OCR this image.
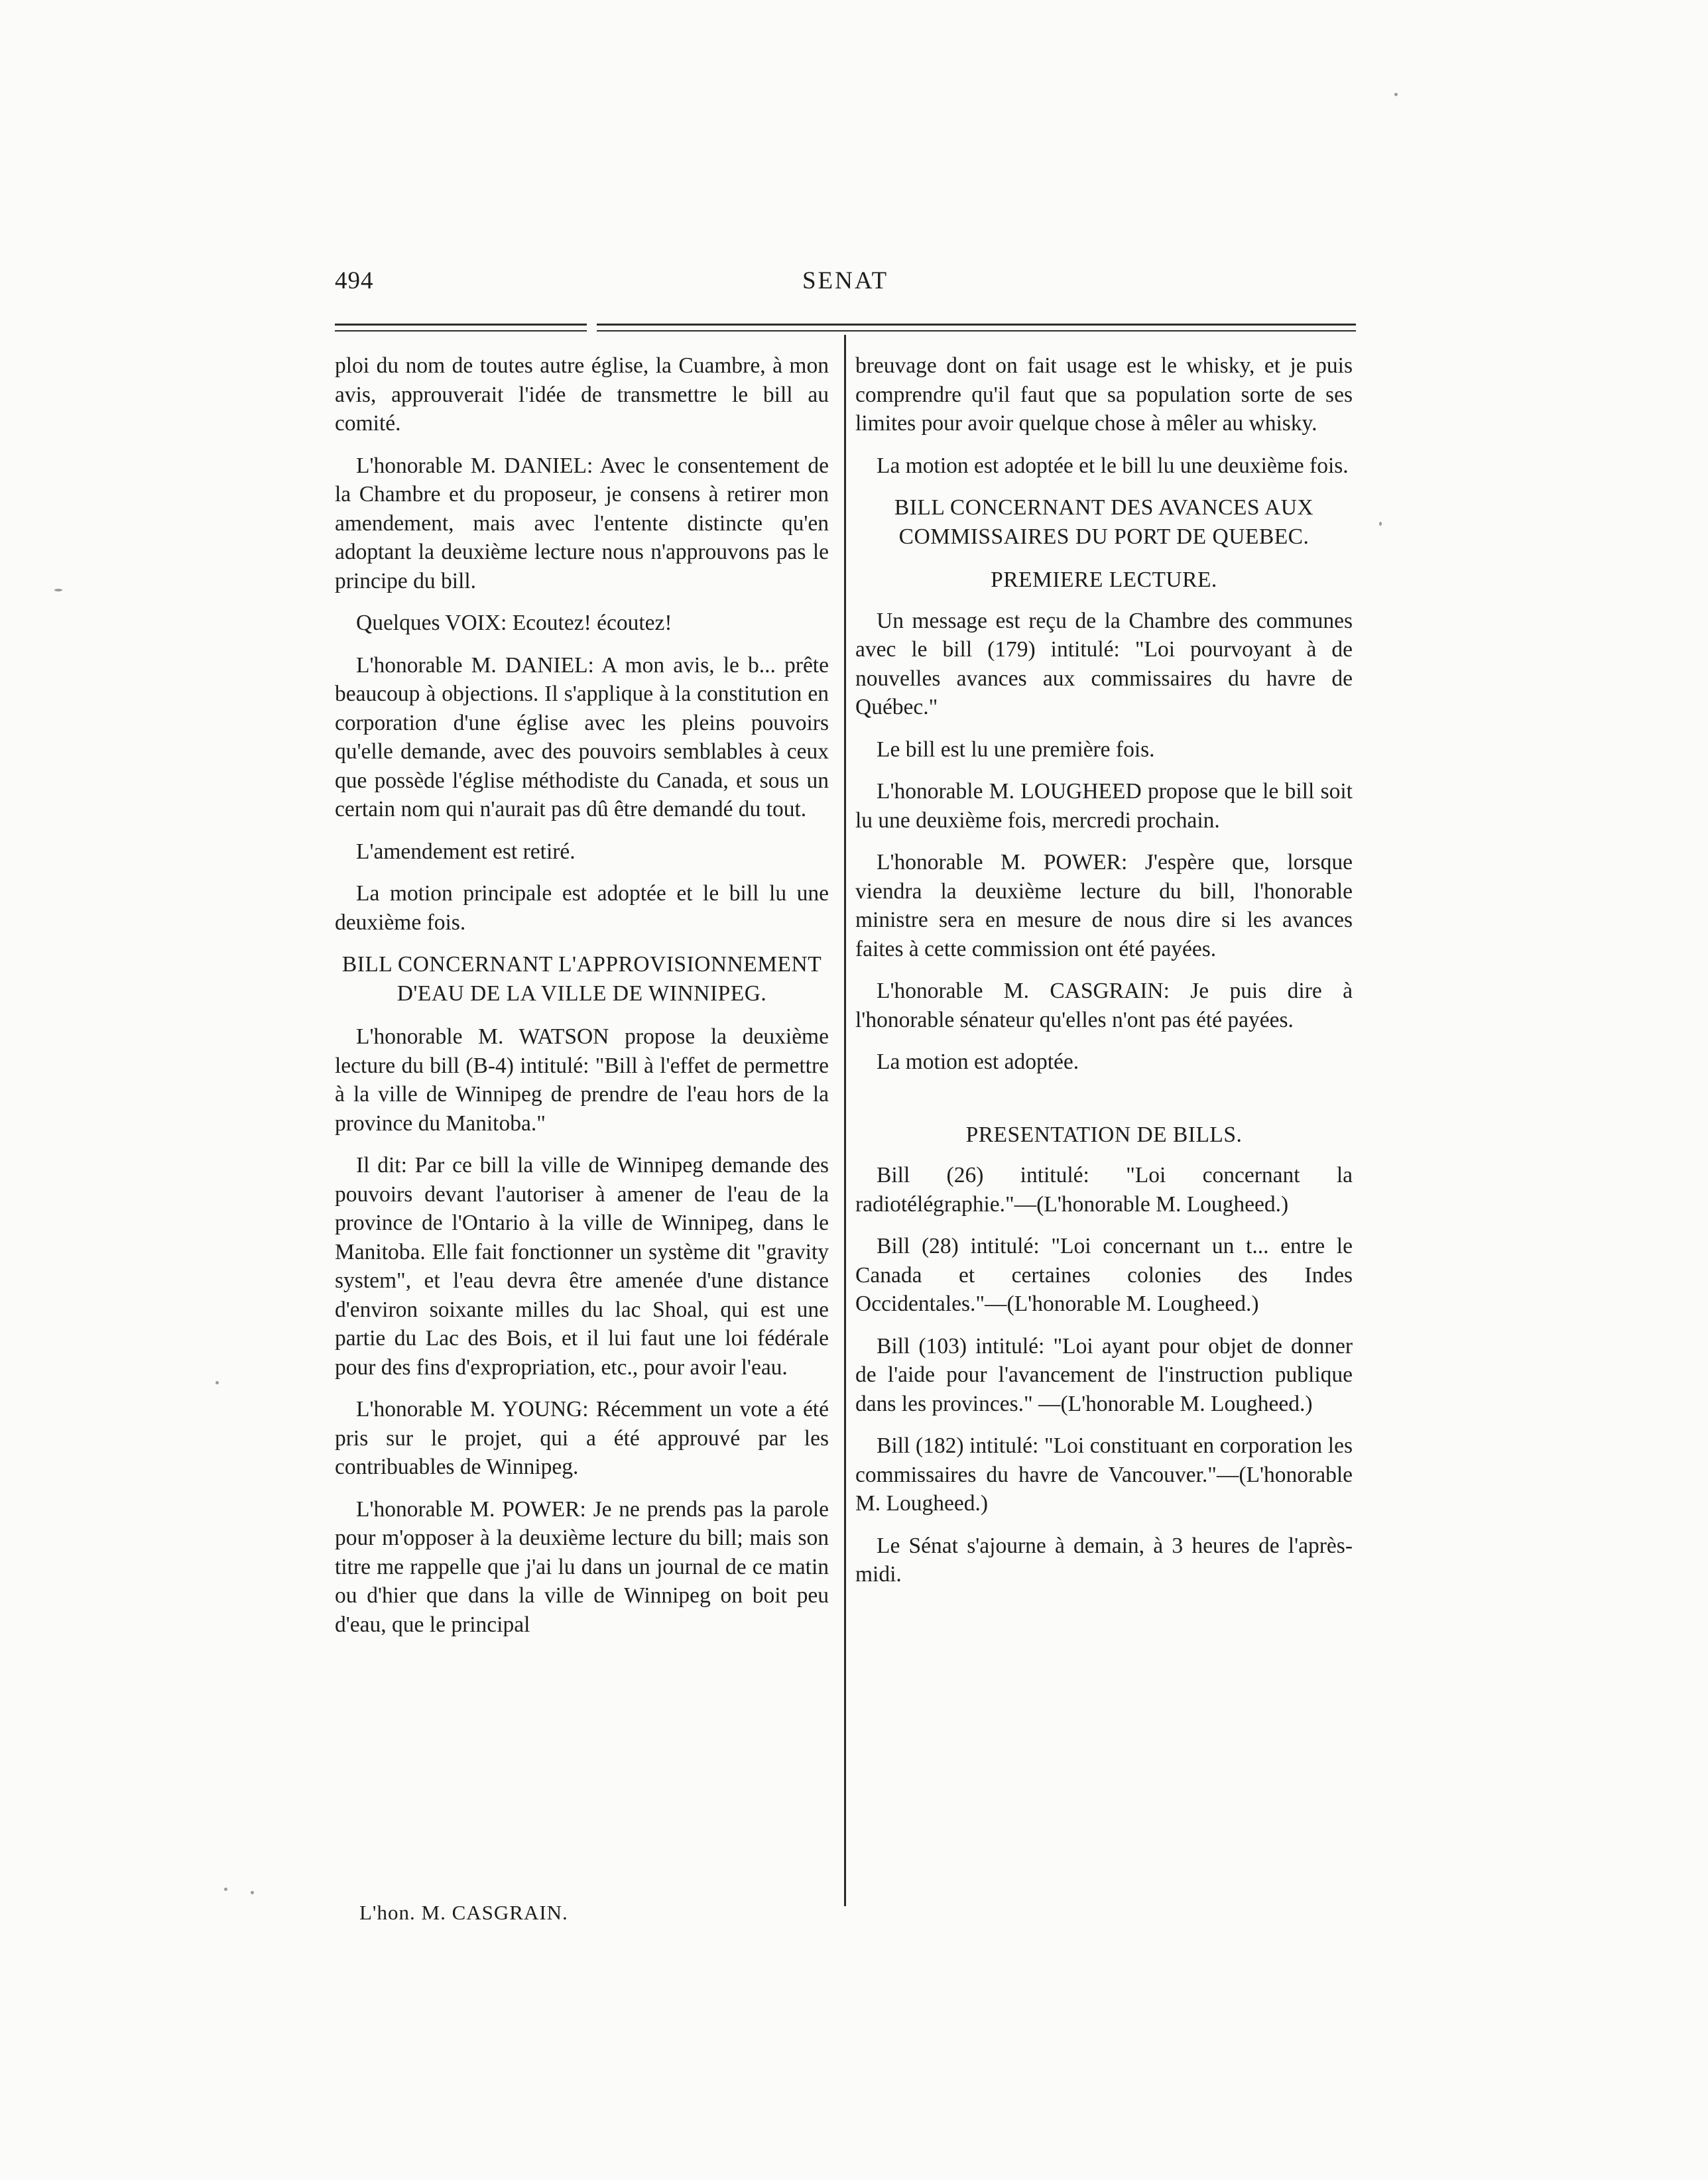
494	SENAT

ploi du nom de toutes autre église, la Cuambre, à mon avis, approuverait l'idée de transmettre le bill au comité.

L'honorable M. DANIEL: Avec le consentement de la Chambre et du proposeur, je consens à retirer mon amendement, mais avec l'entente distincte qu'en adoptant la deuxième lecture nous n'approuvons pas le principe du bill.

Quelques VOIX: Ecoutez! écoutez!

L'honorable M. DANIEL: A mon avis, le b... prête beaucoup à objections. Il s'applique à la constitution en corporation d'une église avec les pleins pouvoirs qu'elle demande, avec des pouvoirs semblables à ceux que possède l'église méthodiste du Canada, et sous un certain nom qui n'aurait pas dû être demandé du tout.

L'amendement est retiré.

La motion principale est adoptée et le bill lu une deuxième fois.

BILL CONCERNANT L'APPROVISIONNEMENT D'EAU DE LA VILLE DE WINNIPEG.

L'honorable M. WATSON propose la deuxième lecture du bill (B-4) intitulé: "Bill à l'effet de permettre à la ville de Winnipeg de prendre de l'eau hors de la province du Manitoba."

Il dit: Par ce bill la ville de Winnipeg demande des pouvoirs devant l'autoriser à amener de l'eau de la province de l'Ontario à la ville de Winnipeg, dans le Manitoba. Elle fait fonctionner un système dit "gravity system", et l'eau devra être amenée d'une distance d'environ soixante milles du lac Shoal, qui est une partie du Lac des Bois, et il lui faut une loi fédérale pour des fins d'expropriation, etc., pour avoir l'eau.

L'honorable M. YOUNG: Récemment un vote a été pris sur le projet, qui a été approuvé par les contribuables de Winnipeg.

L'honorable M. POWER: Je ne prends pas la parole pour m'opposer à la deuxième lecture du bill; mais son titre me rappelle que j'ai lu dans un journal de ce matin ou d'hier que dans la ville de Winnipeg on boit peu d'eau, que le principal

breuvage dont on fait usage est le whisky, et je puis comprendre qu'il faut que sa population sorte de ses limites pour avoir quelque chose à mêler au whisky.

La motion est adoptée et le bill lu une deuxième fois.

BILL CONCERNANT DES AVANCES AUX COMMISSAIRES DU PORT DE QUEBEC.
PREMIERE LECTURE.

Un message est reçu de la Chambre des communes avec le bill (179) intitulé: "Loi pourvoyant à de nouvelles avances aux commissaires du havre de Québec."

Le bill est lu une première fois.

L'honorable M. LOUGHEED propose que le bill soit lu une deuxième fois, mercredi prochain.

L'honorable M. POWER: J'espère que, lorsque viendra la deuxième lecture du bill, l'honorable ministre sera en mesure de nous dire si les avances faites à cette commission ont été payées.

L'honorable M. CASGRAIN: Je puis dire à l'honorable sénateur qu'elles n'ont pas été payées.

La motion est adoptée.

PRESENTATION DE BILLS.

Bill (26) intitulé: "Loi concernant la radiotélégraphie."—(L'honorable M. Lougheed.)

Bill (28) intitulé: "Loi concernant un t... entre le Canada et certaines colonies des Indes Occidentales."—(L'honorable M. Lougheed.)

Bill (103) intitulé: "Loi ayant pour objet de donner de l'aide pour l'avancement de l'instruction publique dans les provinces." —(L'honorable M. Lougheed.)

Bill (182) intitulé: "Loi constituant en corporation les commissaires du havre de Vancouver."—(L'honorable M. Lougheed.)

Le Sénat s'ajourne à demain, à 3 heures de l'après-midi.

L'hon. M. CASGRAIN.
